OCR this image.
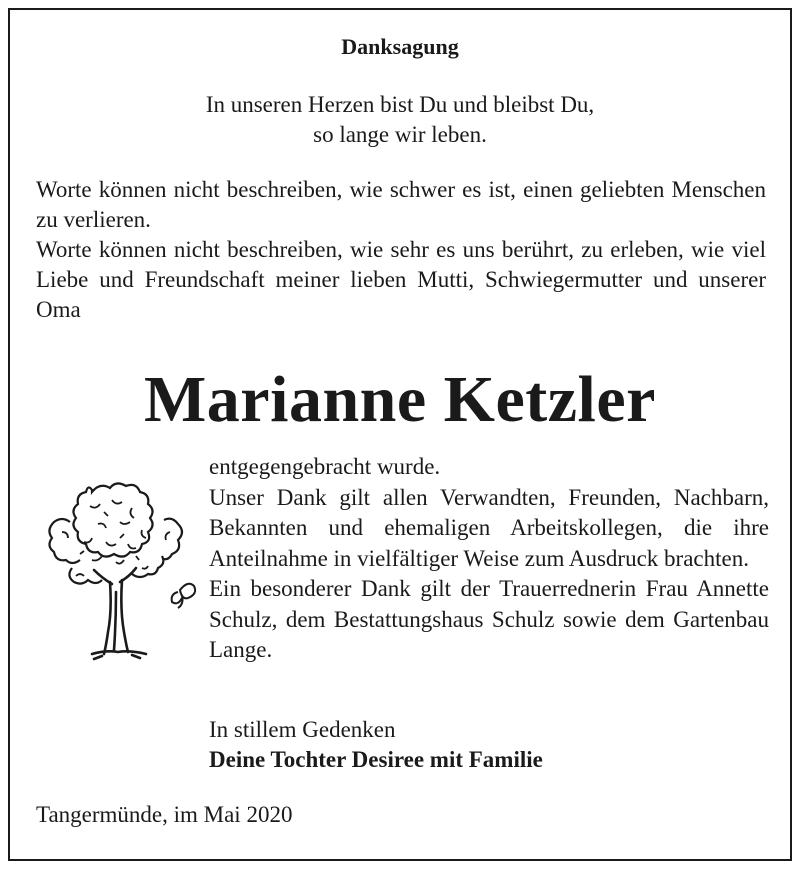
Danksagung
In unseren Herzen bist Du und bleibst Du,
so lange wir leben.

Worte können nicht beschreiben, wie schwer es ist, einen geliebten Menschen zu verlieren.

Worte können nicht beschreiben, wie sehr es uns berührt, zu erleben, wie viel Liebe und Freundschaft meiner lieben Mutti, Schwiegermutter und unserer Oma

Marianne Ketzler

entgegengebracht wurde.

Unser Dank gilt allen Verwandten, Freunden, Nachbarn, Bekannten und ehemaligen Arbeitskollegen, die ihre Anteilnahme in vielfältiger Weise zum Ausdruck brachten.

Ein besonderer Dank gilt der Trauerrednerin Frau Annette Schulz, dem Bestattungshaus Schulz sowie dem Gartenbau Lange.

In stillem Gedenken
Deine Tochter Desiree mit Familie
Tangermünde, im Mai 2020
